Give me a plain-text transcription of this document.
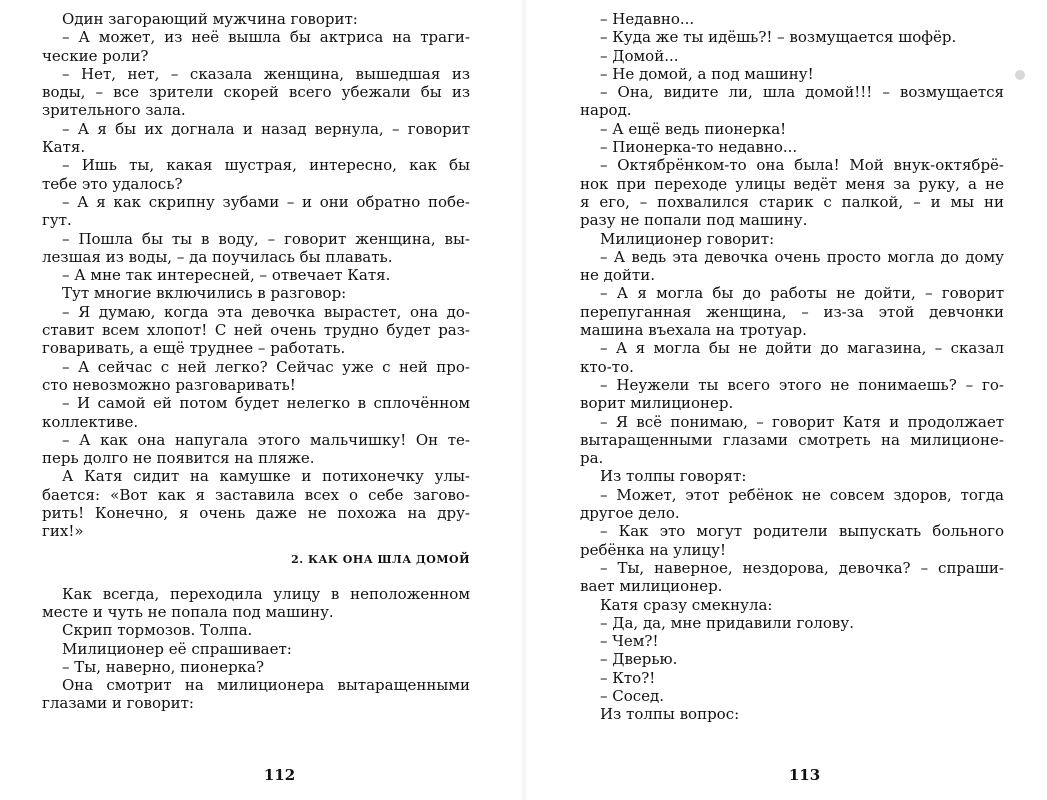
Один загорающий мужчина говорит:
– А может, из неё вышла бы актриса на траги-
ческие роли?
– Нет, нет, – сказала женщина, вышедшая из
воды, – все зрители скорей всего убежали бы из
зрительного зала.
– А я бы их догнала и назад вернула, – говорит
Катя.
– Ишь ты, какая шустрая, интересно, как бы
тебе это удалось?
– А я как скрипну зубами – и они обратно побе-
гут.
– Пошла бы ты в воду, – говорит женщина, вы-
лезшая из воды, – да поучилась бы плавать.
– А мне так интересней, – отвечает Катя.
Тут многие включились в разговор:
– Я думаю, когда эта девочка вырастет, она до-
ставит всем хлопот! С ней очень трудно будет раз-
говаривать, а ещё труднее – работать.
– А сейчас с ней легко? Сейчас уже с ней про-
сто невозможно разговаривать!
– И самой ей потом будет нелегко в сплочённом
коллективе.
– А как она напугала этого мальчишку! Он те-
перь долго не появится на пляже.
А Катя сидит на камушке и потихонечку улы-
бается: «Вот как я заставила всех о себе загово-
рить! Конечно, я очень даже не похожа на дру-
гих!»
2. КАК ОНА ШЛА ДОМОЙ
Как всегда, переходила улицу в неположенном
месте и чуть не попала под машину.
Скрип тормозов. Толпа.
Милиционер её спрашивает:
– Ты, наверно, пионерка?
Она смотрит на милиционера вытаращенными
глазами и говорит:
112
– Недавно...
– Куда же ты идёшь?! – возмущается шофёр.
– Домой...
– Не домой, а под машину!
– Она, видите ли, шла домой!!! – возмущается
народ.
– А ещё ведь пионерка!
– Пионерка-то недавно...
– Октябрёнком-то она была! Мой внук-октябрё-
нок при переходе улицы ведёт меня за руку, а не
я его, – похвалился старик с палкой, – и мы ни
разу не попали под машину.
Милиционер говорит:
– А ведь эта девочка очень просто могла до дому
не дойти.
– А я могла бы до работы не дойти, – говорит
перепуганная женщина, – из-за этой девчонки
машина въехала на тротуар.
– А я могла бы не дойти до магазина, – сказал
кто-то.
– Неужели ты всего этого не понимаешь? – го-
ворит милиционер.
– Я всё понимаю, – говорит Катя и продолжает
вытаращенными глазами смотреть на милиционе-
ра.
Из толпы говорят:
– Может, этот ребёнок не совсем здоров, тогда
другое дело.
– Как это могут родители выпускать больного
ребёнка на улицу!
– Ты, наверное, нездорова, девочка? – спраши-
вает милиционер.
Катя сразу смекнула:
– Да, да, мне придавили голову.
– Чем?!
– Дверью.
– Кто?!
– Сосед.
Из толпы вопрос:
113
